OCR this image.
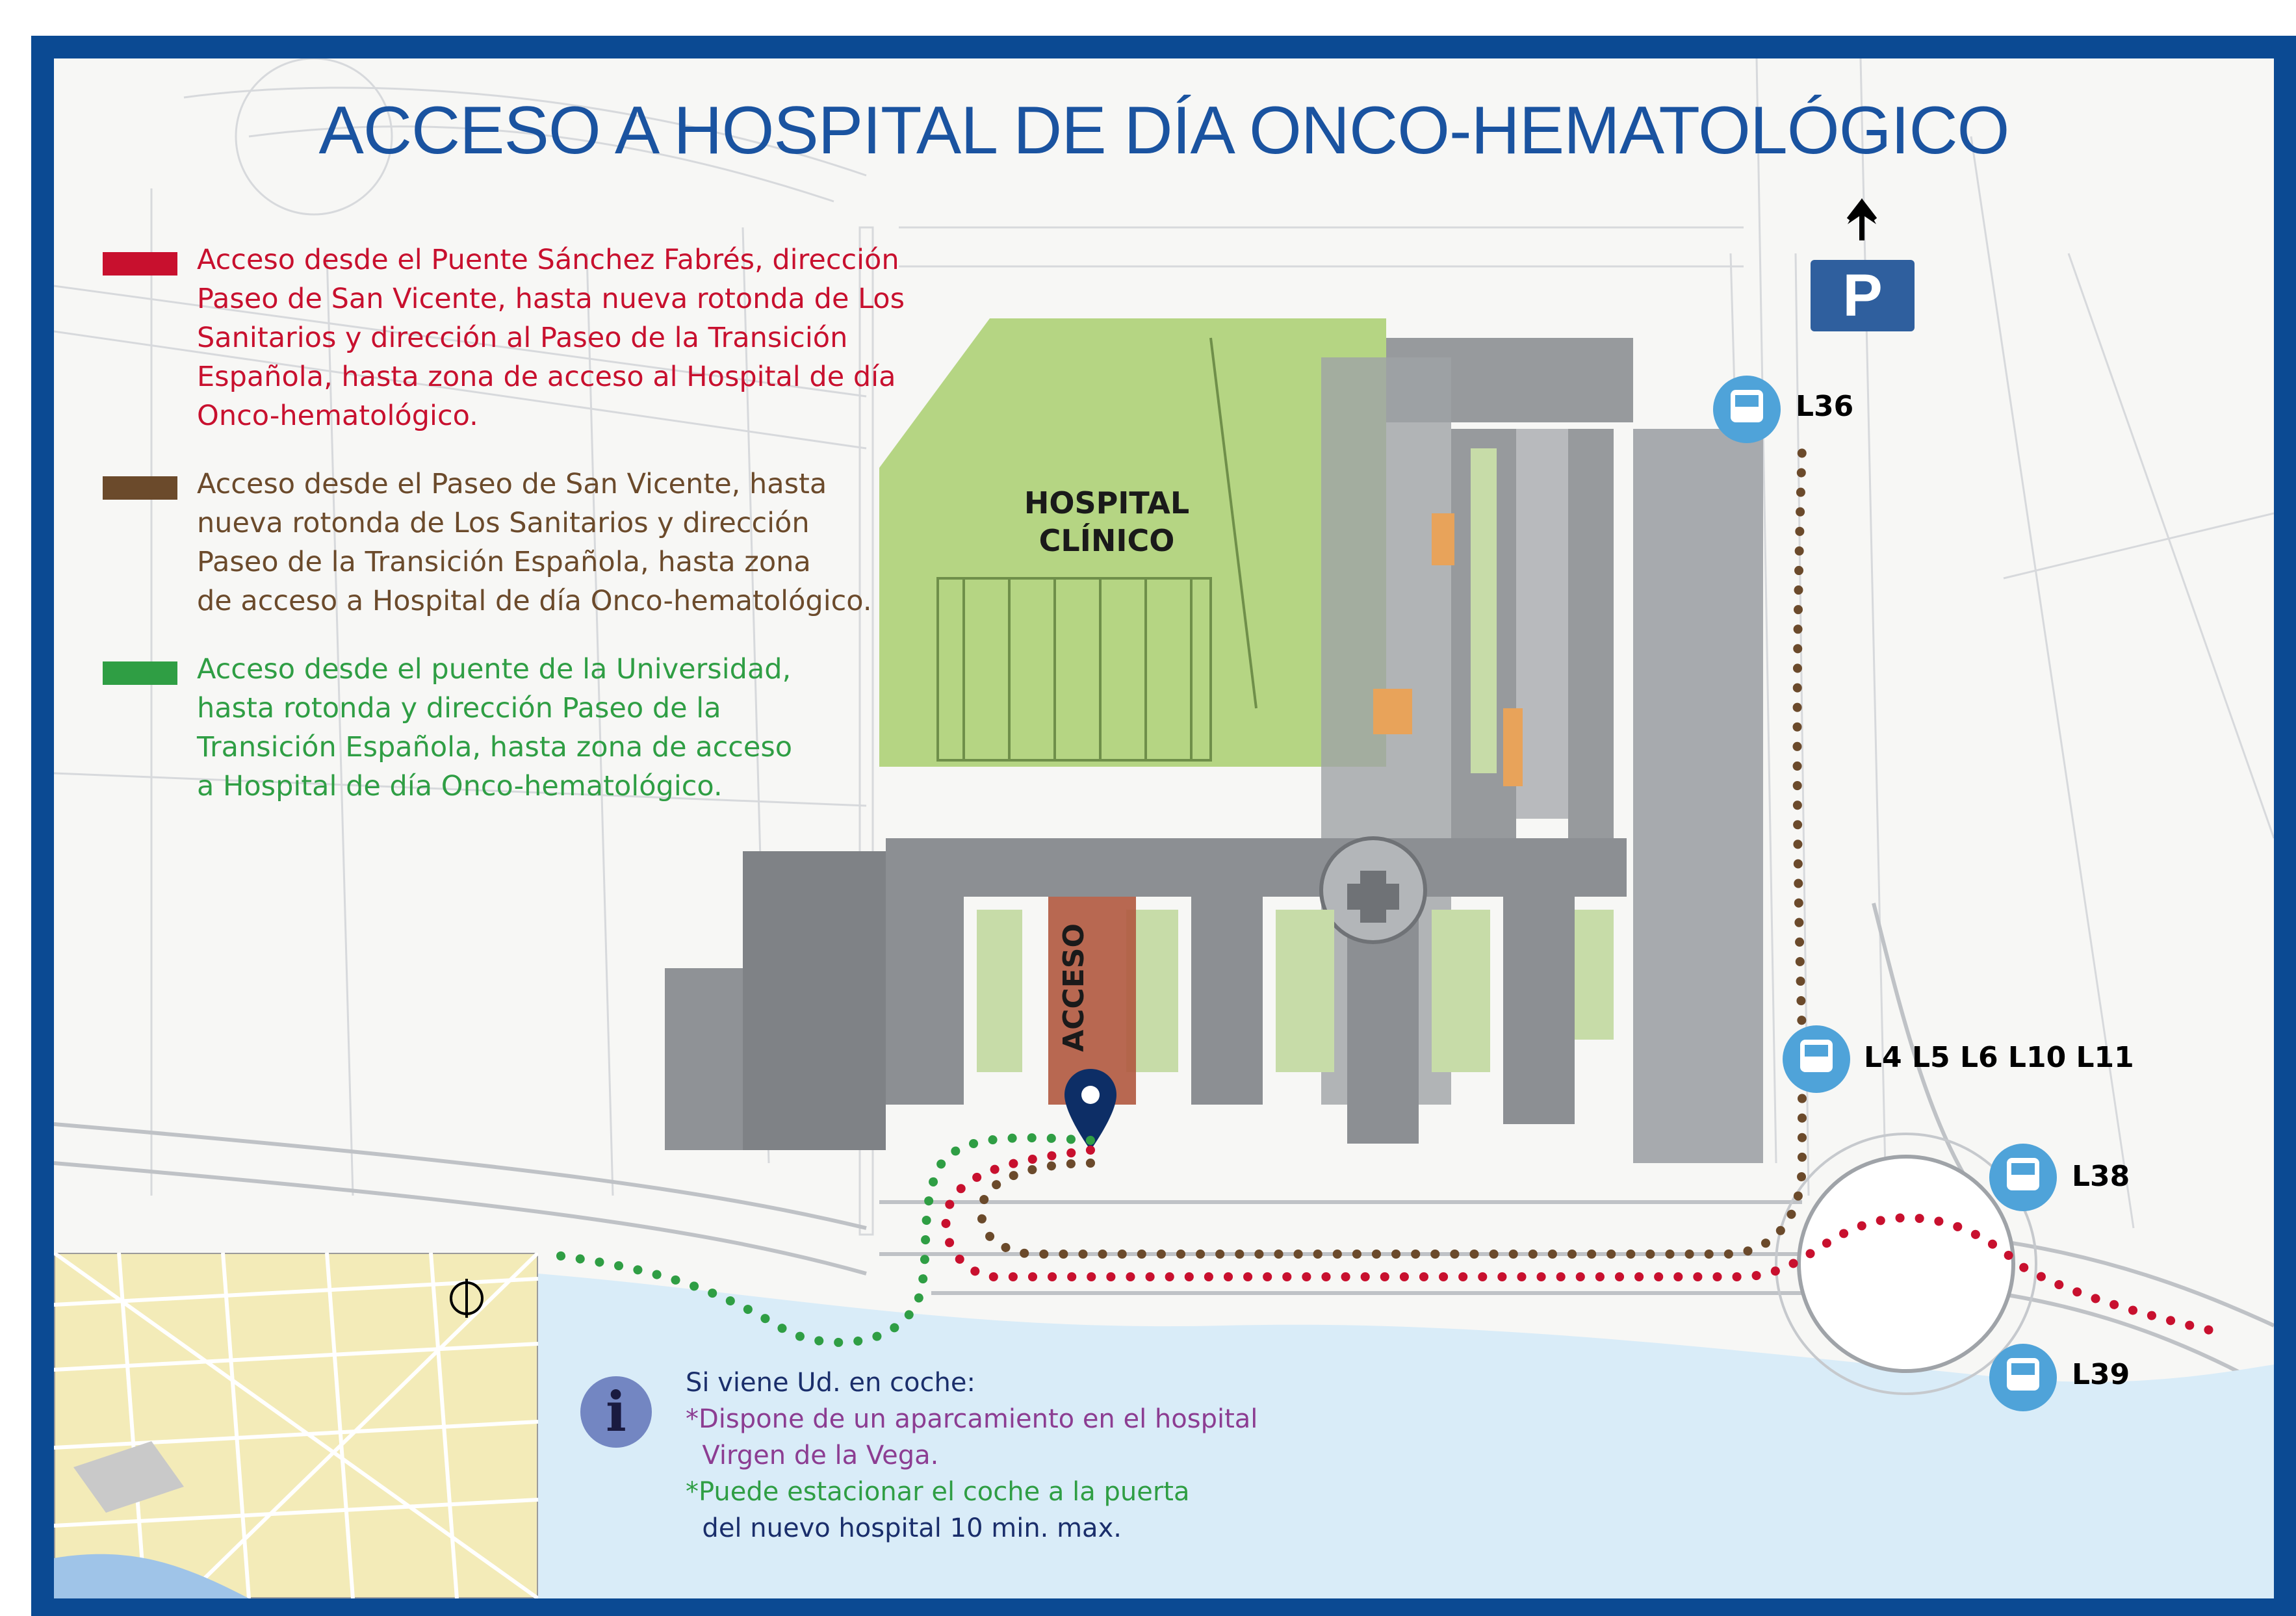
P
ACCESO A HOSPITAL DE DÍA ONCO-HEMATOLÓGICO
Acceso desde el Puente Sánchez Fabrés, dirección
Paseo de San Vicente, hasta nueva rotonda de Los
Sanitarios y dirección al Paseo de la Transición
Española, hasta zona de acceso al Hospital de día
Onco-hematológico.
Acceso desde el Paseo de San Vicente, hasta
nueva rotonda de Los Sanitarios y dirección
Paseo de la Transición Española, hasta zona
de acceso a Hospital de día Onco-hematológico.
Acceso desde el puente de la Universidad,
hasta rotonda y dirección Paseo de la
Transición Española, hasta zona de acceso
a Hospital de día Onco-hematológico.
HOSPITAL
CLÍNICO
ACCESO
L36
L4 L5 L6 L10 L11
L38
L39
i	Si viene Ud. en coche:
*Dispone de un aparcamiento en el hospital
Virgen de la Vega.
*Puede estacionar el coche a la puerta
del nuevo hospital 10 min. max.
